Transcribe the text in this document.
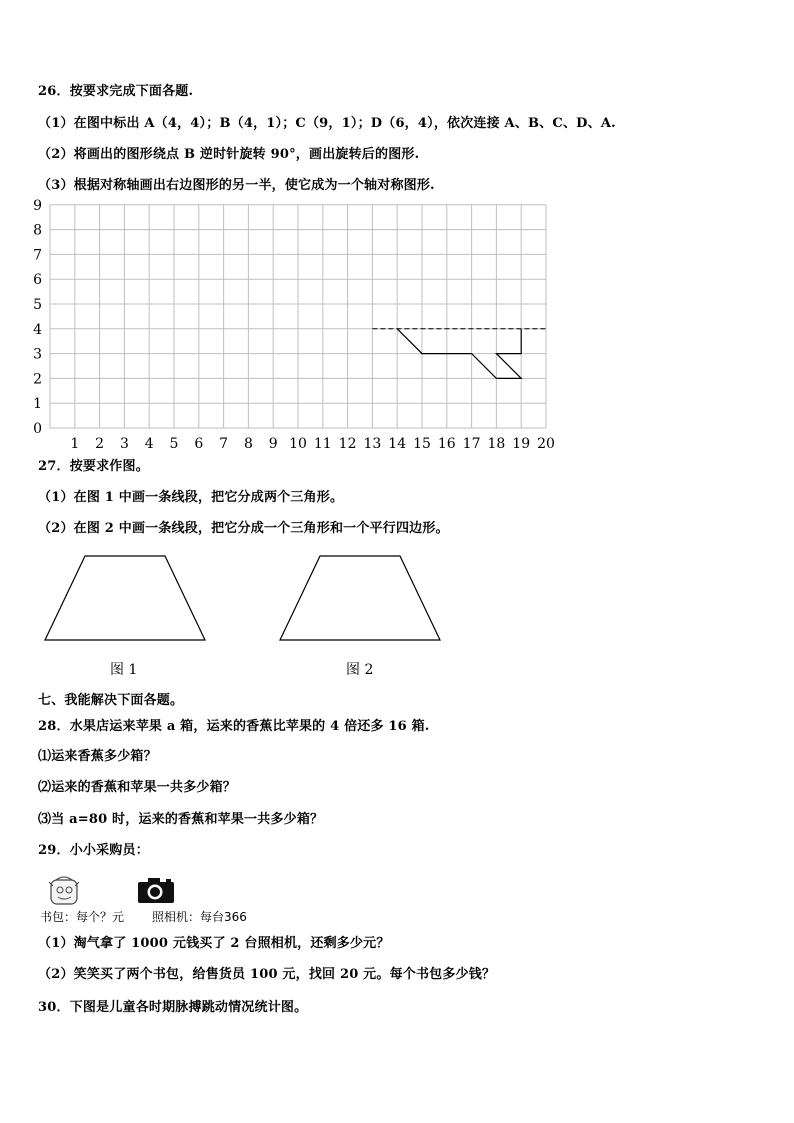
26．按要求完成下面各题.
（1）在图中标出 A（4，4）；B（4，1）；C（9，1）；D（6，4），依次连接 A、B、C、D、A.
（2）将画出的图形绕点 B 逆时针旋转 90°，画出旋转后的图形.
（3）根据对称轴画出右边图形的另一半，使它成为一个轴对称图形.
1 2 3 4 5 6 7 8 9 10 11 12 13 14 15 16 17 18 19 20
0
1
2
3
4
5
6
7
8
9
27．按要求作图。
（1）在图 1 中画一条线段，把它分成两个三角形。
（2）在图 2 中画一条线段，把它分成一个三角形和一个平行四边形。
图 1	图 2
七、我能解决下面各题。
28．水果店运来苹果 a 箱，运来的香蕉比苹果的 4 倍还多 16 箱.
⑴运来香蕉多少箱？
⑵运来的香蕉和苹果一共多少箱？
⑶当 a=80 时，运来的香蕉和苹果一共多少箱？
29．小小采购员：
书包：每个？元 照相机：每台366
（1）淘气拿了 1000 元钱买了 2 台照相机，还剩多少元？
（2）笑笑买了两个书包，给售货员 100 元，找回 20 元。每个书包多少钱？
30．下图是儿童各时期脉搏跳动情况统计图。
